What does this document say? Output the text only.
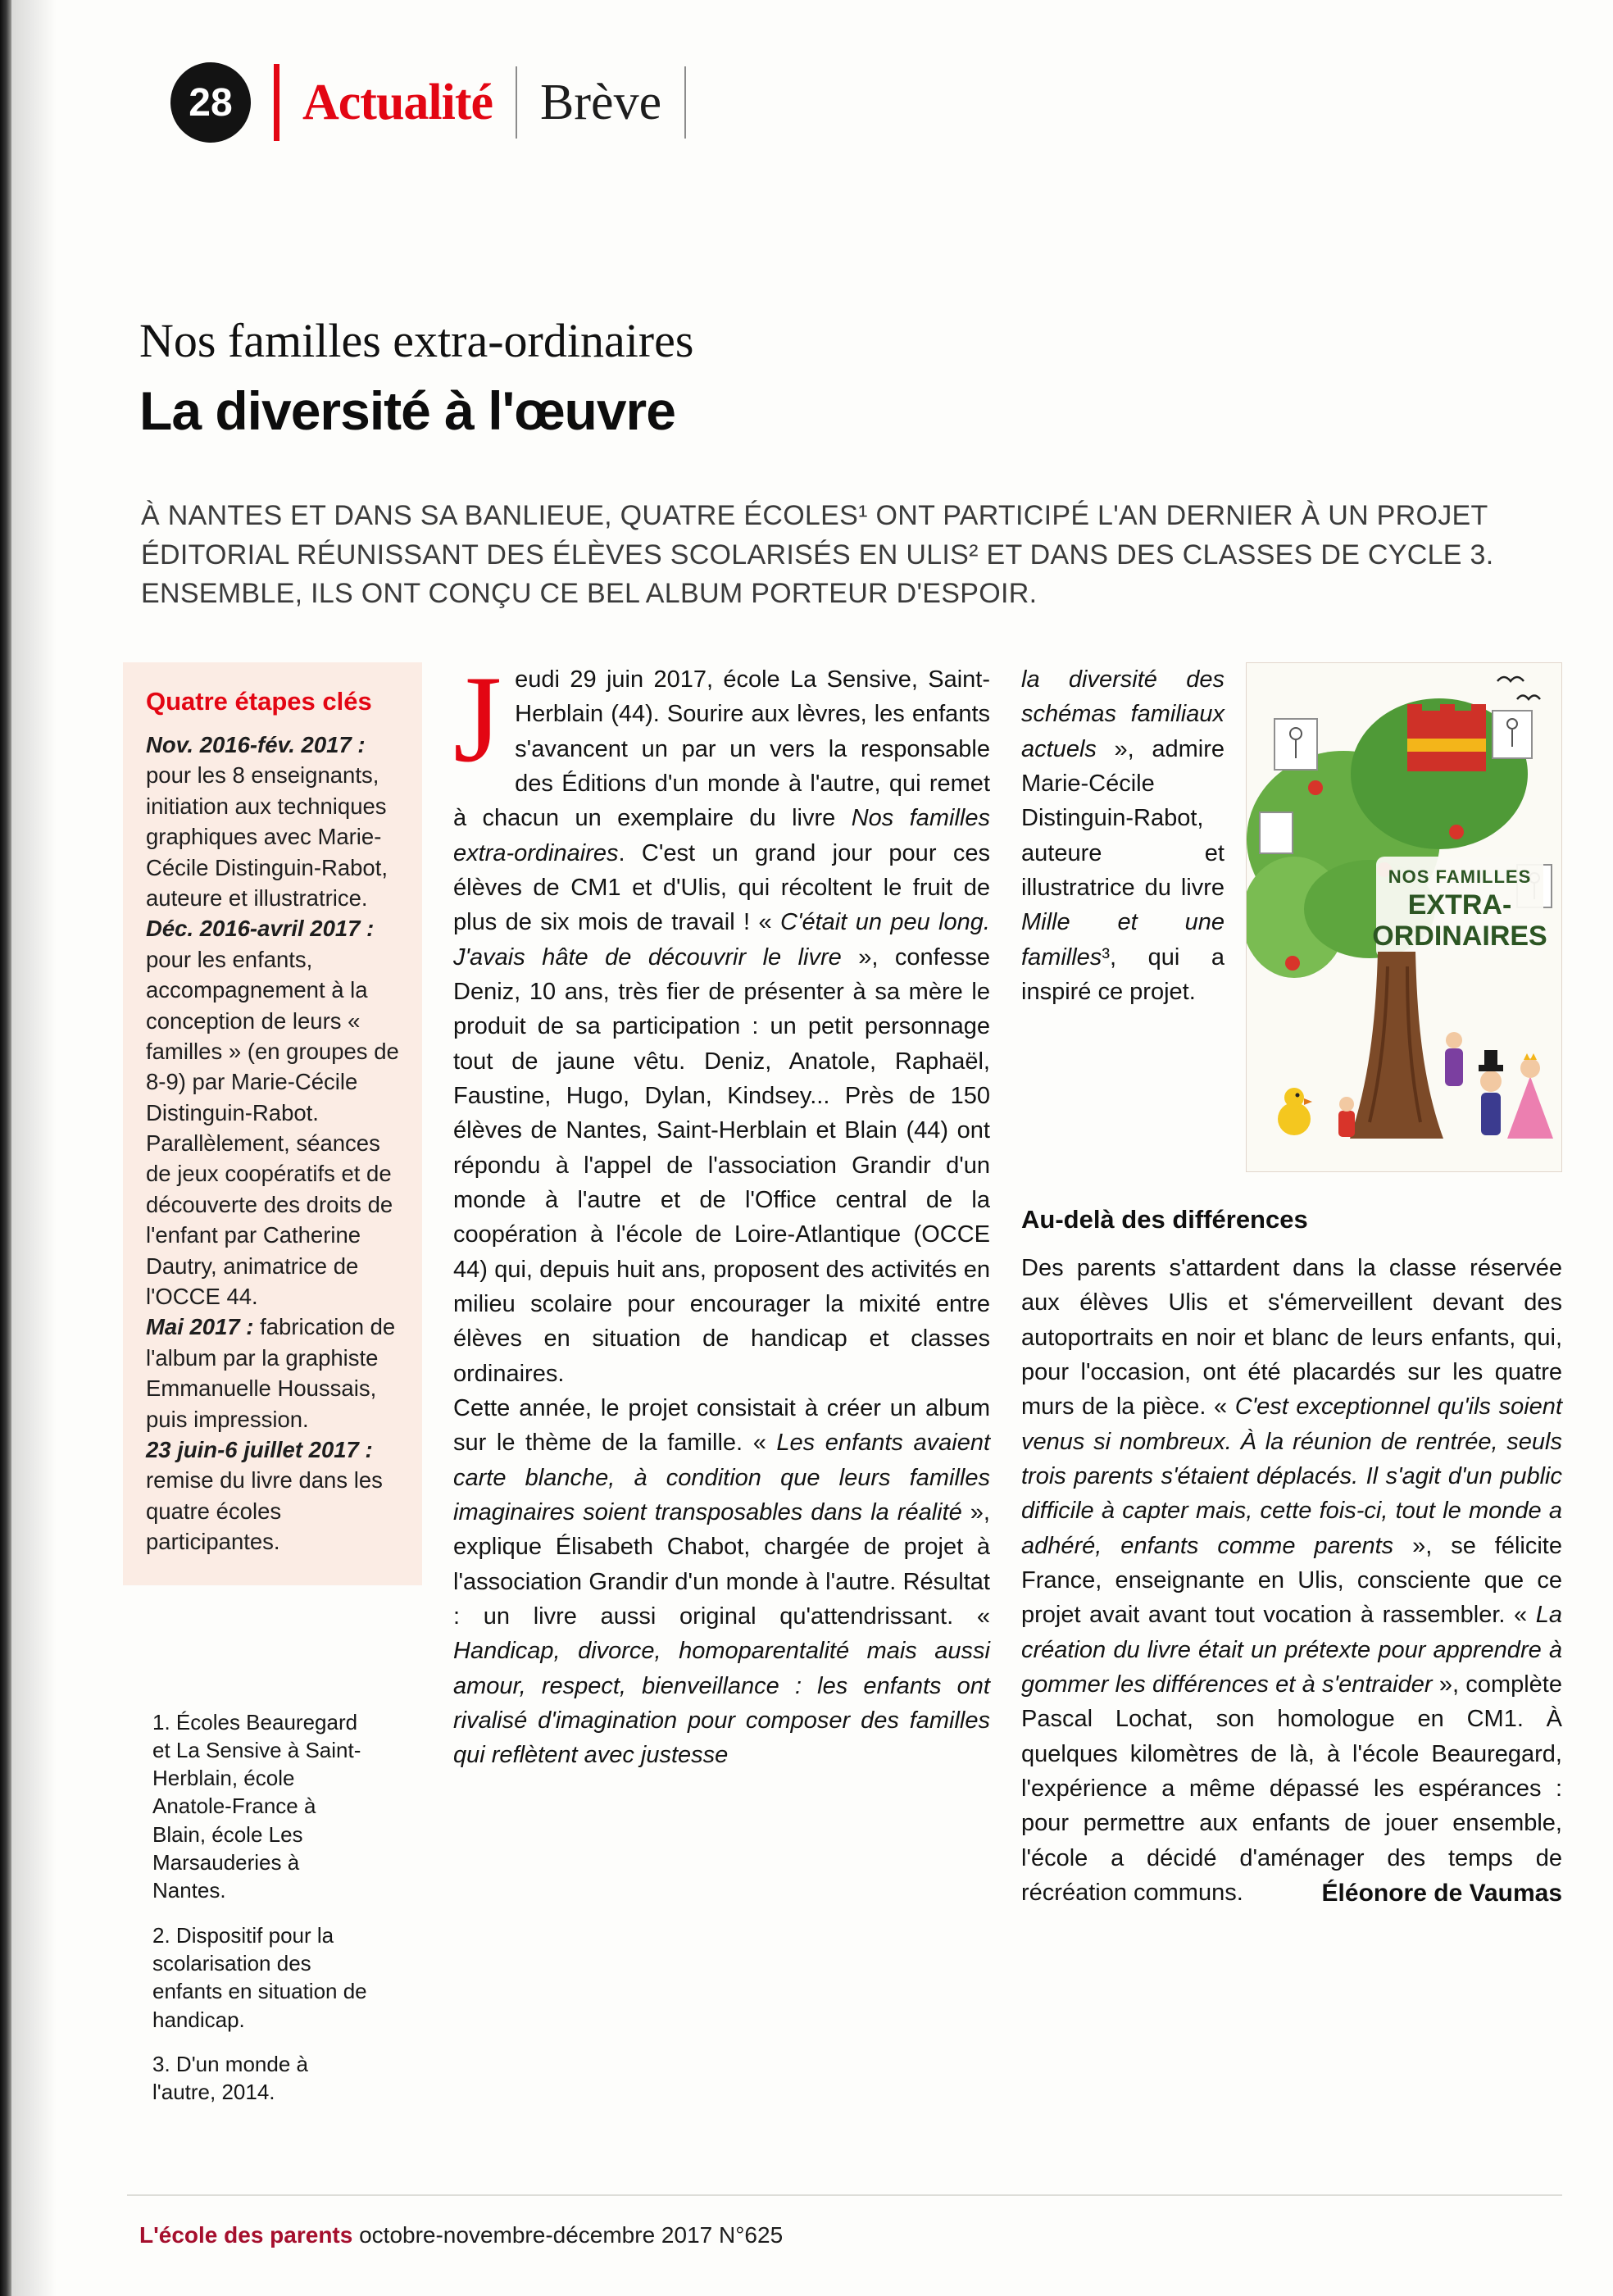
28	Actualité Brève

Nos familles extra-ordinaires

La diversité à l'œuvre

À NANTES ET DANS SA BANLIEUE, QUATRE ÉCOLES¹ ONT PARTICIPÉ L'AN DERNIER À UN PROJET ÉDITORIAL RÉUNISSANT DES ÉLÈVES SCOLARISÉS EN ULIS² ET DANS DES CLASSES DE CYCLE 3. ENSEMBLE, ILS ONT CONÇU CE BEL ALBUM PORTEUR D'ESPOIR.

Quatre étapes clés

Nov. 2016-fév. 2017 : pour les 8 enseignants, initiation aux techniques graphiques avec Marie-Cécile Distinguin-Rabot, auteure et illustratrice.

Déc. 2016-avril 2017 : pour les enfants, accompagnement à la conception de leurs « familles » (en groupes de 8-9) par Marie-Cécile Distinguin-Rabot. Parallèlement, séances de jeux coopératifs et de découverte des droits de l'enfant par Catherine Dautry, animatrice de l'OCCE 44.

Mai 2017 : fabrication de l'album par la graphiste Emmanuelle Houssais, puis impression.

23 juin-6 juillet 2017 : remise du livre dans les quatre écoles participantes.

1. Écoles Beauregard et La Sensive à Saint-Herblain, école Anatole-France à Blain, école Les Marsauderies à Nantes.

2. Dispositif pour la scolarisation des enfants en situation de handicap.

3. D'un monde à l'autre, 2014.

Jeudi 29 juin 2017, école La Sensive, Saint-Herblain (44). Sourire aux lèvres, les enfants s'avancent un par un vers la responsable des Éditions d'un monde à l'autre, qui remet à chacun un exemplaire du livre Nos familles extra-ordinaires. C'est un grand jour pour ces élèves de CM1 et d'Ulis, qui récoltent le fruit de plus de six mois de travail ! « C'était un peu long. J'avais hâte de découvrir le livre », confesse Deniz, 10 ans, très fier de présenter à sa mère le produit de sa participation : un petit personnage tout de jaune vêtu. Deniz, Anatole, Raphaël, Faustine, Hugo, Dylan, Kindsey... Près de 150 élèves de Nantes, Saint-Herblain et Blain (44) ont répondu à l'appel de l'association Grandir d'un monde à l'autre et de l'Office central de la coopération à l'école de Loire-Atlantique (OCCE 44) qui, depuis huit ans, proposent des activités en milieu scolaire pour encourager la mixité entre élèves en situation de handicap et classes ordinaires.

Cette année, le projet consistait à créer un album sur le thème de la famille. « Les enfants avaient carte blanche, à condition que leurs familles imaginaires soient transposables dans la réalité », explique Élisabeth Chabot, chargée de projet à l'association Grandir d'un monde à l'autre. Résultat : un livre aussi original qu'attendrissant. « Handicap, divorce, homoparentalité mais aussi amour, respect, bienveillance : les enfants ont rivalisé d'imagination pour composer des familles qui reflètent avec justesse

la diversité des schémas familiaux actuels », admire Marie-Cécile Distinguin-Rabot, auteure et illustratrice du livre Mille et une familles³, qui a inspiré ce projet.
NOS FAMILLES
EXTRA-
ORDINAIRES

Au-delà des différences

Des parents s'attardent dans la classe réservée aux élèves Ulis et s'émerveillent devant des autoportraits en noir et blanc de leurs enfants, qui, pour l'occasion, ont été placardés sur les quatre murs de la pièce. « C'est exceptionnel qu'ils soient venus si nombreux. À la réunion de rentrée, seuls trois parents s'étaient déplacés. Il s'agit d'un public difficile à capter mais, cette fois-ci, tout le monde a adhéré, enfants comme parents », se félicite France, enseignante en Ulis, consciente que ce projet avait avant tout vocation à rassembler. « La création du livre était un prétexte pour apprendre à gommer les différences et à s'entraider », complète Pascal Lochat, son homologue en CM1. À quelques kilomètres de là, à l'école Beauregard, l'expérience a même dépassé les espérances : pour permettre aux enfants de jouer ensemble, l'école a décidé d'aménager des temps de récréation communs.	Éléonore de Vaumas
L'école des parents octobre-novembre-décembre 2017 N°625
